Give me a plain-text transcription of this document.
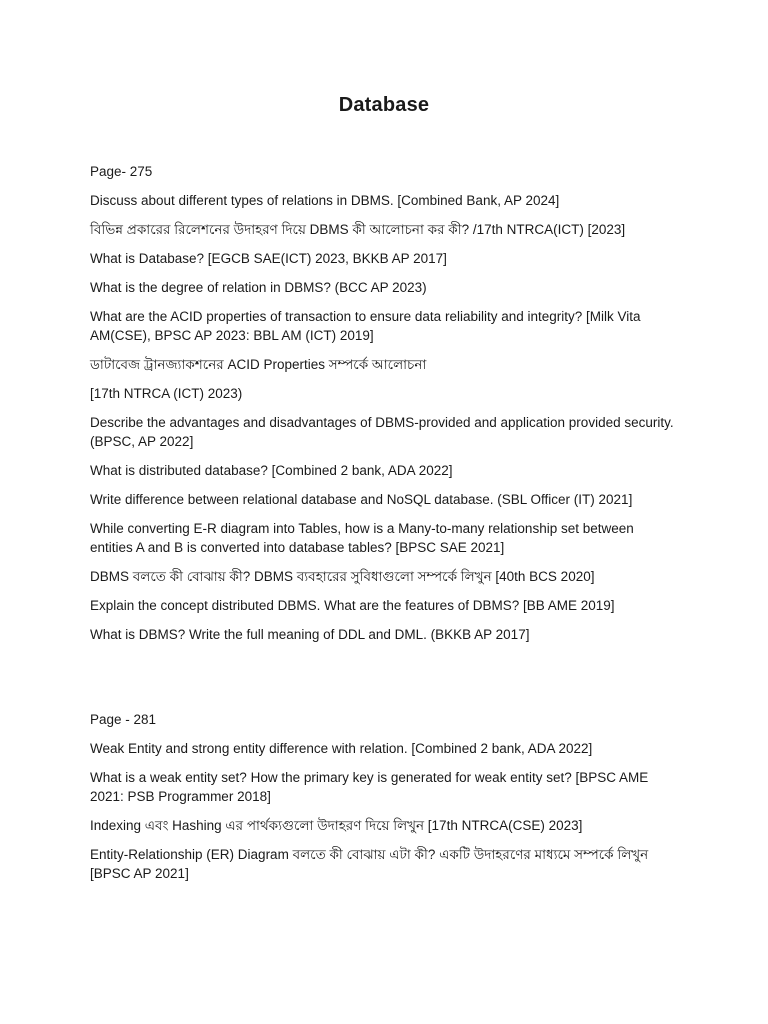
Database

Page- 275

Discuss about different types of relations in DBMS. [Combined Bank, AP 2024]

বিভিন্ন প্রকারের রিলেশনের উদাহরণ দিয়ে DBMS কী আলোচনা কর কী? /17th NTRCA(ICT) [2023]

What is Database? [EGCB SAE(ICT) 2023, BKKB AP 2017]

What is the degree of relation in DBMS? (BCC AP 2023)

What are the ACID properties of transaction to ensure data reliability and integrity? [Milk Vita AM(CSE), BPSC AP 2023: BBL AM (ICT) 2019]

ডাটাবেজ ট্রানজ্যাকশনের ACID Properties সম্পর্কে আলোচনা

[17th NTRCA (ICT) 2023)

Describe the advantages and disadvantages of DBMS-provided and application provided security. (BPSC, AP 2022]

What is distributed database? [Combined 2 bank, ADA 2022]

Write difference between relational database and NoSQL database. (SBL Officer (IT) 2021]

While converting E-R diagram into Tables, how is a Many-to-many relationship set between entities A and B is converted into database tables? [BPSC SAE 2021]

DBMS বলতে কী বোঝায় কী? DBMS ব্যবহারের সুবিধাগুলো সম্পর্কে লিখুন [40th BCS 2020]

Explain the concept distributed DBMS. What are the features of DBMS? [BB AME 2019]

What is DBMS? Write the full meaning of DDL and DML. (BKKB AP 2017]

Page - 281

Weak Entity and strong entity difference with relation. [Combined 2 bank, ADA 2022]

What is a weak entity set? How the primary key is generated for weak entity set? [BPSC AME 2021: PSB Programmer 2018]

Indexing এবং Hashing এর পার্থক্যগুলো উদাহরণ দিয়ে লিখুন [17th NTRCA(CSE) 2023]

Entity-Relationship (ER) Diagram বলতে কী বোঝায় এটা কী? একটি উদাহরণের মাধ্যমে সম্পর্কে লিখুন [BPSC AP 2021]
